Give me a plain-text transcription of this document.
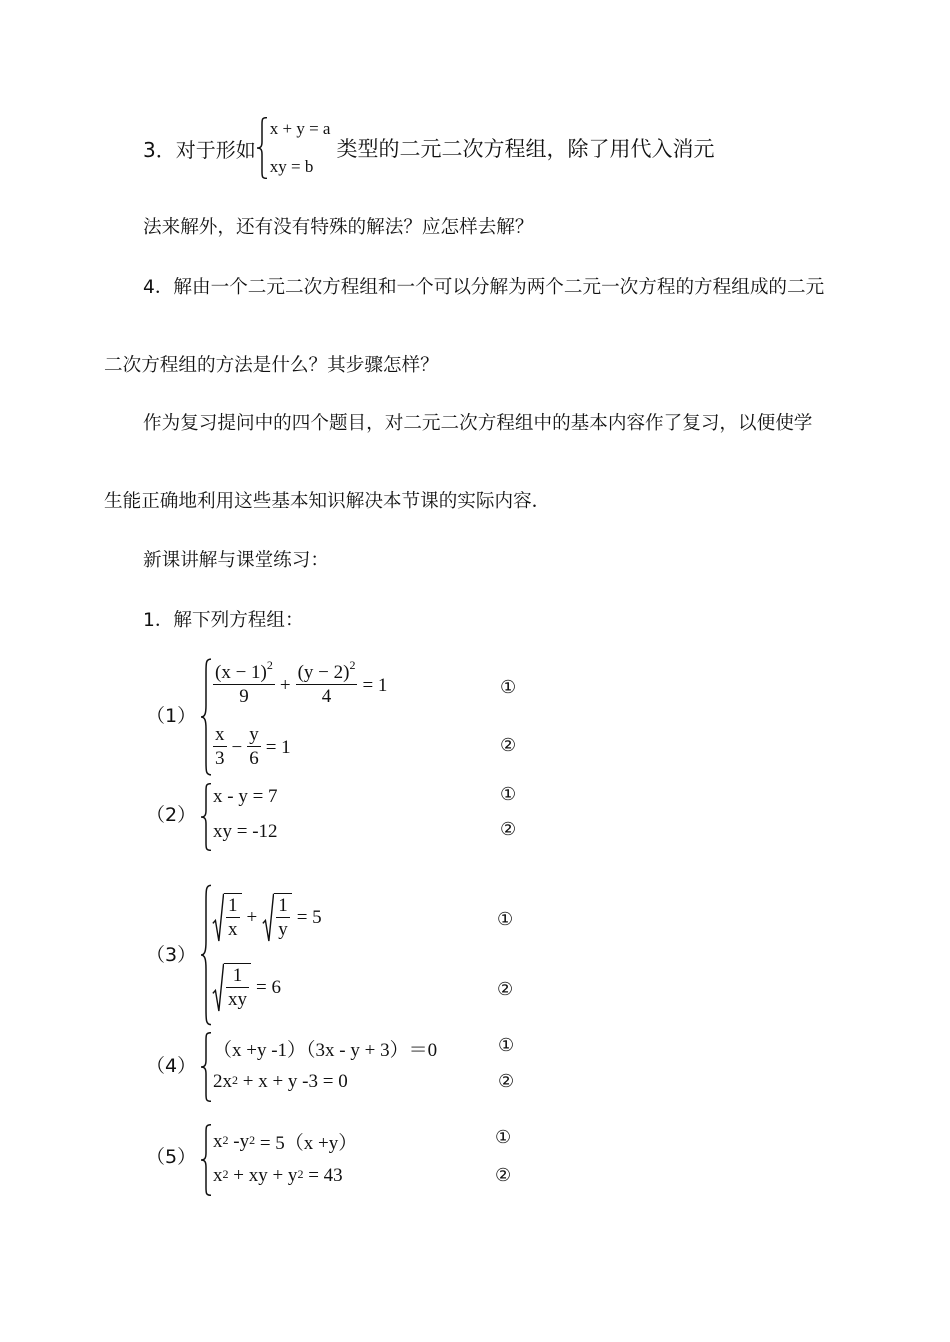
3．对于形如
x + y = a
xy = b
类型的二元二次方程组，除了用代入消元
法来解外，还有没有特殊的解法？应怎样去解？
4．解由一个二元二次方程组和一个可以分解为两个二元一次方程的方程组成的二元
二次方程组的方法是什么？其步骤怎样？
作为复习提问中的四个题目，对二元二次方程组中的基本内容作了复习，以便使学
生能正确地利用这些基本知识解决本节课的实际内容．
新课讲解与课堂练习：
1．解下列方程组：
（1）
$\frac{(x - 1)^2}{9} + \frac{(y - 2)^2}{4} = 1$	①
$\frac{x}{3} - \frac{y}{6} = 1$	②
（2）
x - y = 7	①
xy = -12	②
（3）
$\frac{1}{x} + \frac{1}{y} = 5$	①
$\frac{1}{xy} = 6$	②
（4）
（x +y -1）（3x - y + 3）＝0	①
$2x^2 + x + y$ -3 = 0	②
（5）
$x^2$ $-y^2 = 5(x +y)$	①
$x^2$ + xy + $y^2 = 43$	②
